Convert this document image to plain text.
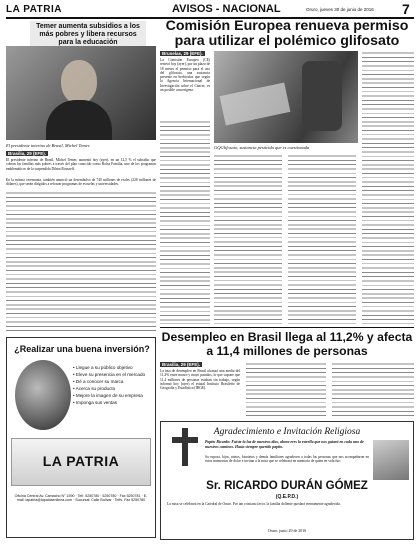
LA PATRIA	AVISOS - NACIONAL	Oruro, jueves 30 de junio de 2016 7
Temer aumenta subsidios a los más pobres y libera recursos para la educación
El presidente interino de Brasil, Michel Temer.
Brasilia, 29 (EFE).
El presidente interino de Brasil, Michel Temer, aumentó hoy (ayer), en un 12,5 % el subsidio que cobran las familias más pobres a través del plan conocido como Bolsa Familia, uno de los programas emblemáticos de la suspendida Dilma Rousseff.
En la misma ceremonia, también anunció un desembolso de 740 millones de reales (228 millones de dólares), que serán dirigidos a reforzar programas de escuelas y universidades.
Comisión Europea renueva permiso para utilizar el polémico glifosato
Bruselas, 29 (EFE).
La Comisión Europea (CE) renovó hoy (ayer), por un plazo de 18 meses el permiso para el uso del glifosato, una sustancia presente en herbicidas que según la Agencia Internacional de Investigación sobre el Cáncer, es un posible cancerígeno.
GQGlifosato, sustancia pesticida que es cuestionada
Desempleo en Brasil llega al 11,2% y afecta a 11,4 millones de personas
Brasilia, 29 (EFE).
La tasa de desempleo en Brasil alcanzó una media del 11,2% entre marzo y mayo pasados, lo que supone que 11,4 millones de personas estaban sin trabajo, según informó hoy (ayer) el estatal Instituto Brasileño de Geografía y Estadística (IBGE).
¿Realizar una buena inversión?
• Llegue a su público objetivo
• Eleve su presencia en el mercado
• Dé a conocer su marca
• Acerca su producto
• Mejore la imagen de su empresa
• Imponga sus ventas
LA PATRIA
Oficina Central Av. Camacho N° 1590 · Telf. 5250780 · 5250780 · Fax 5250781 · E-mail: lapatria@lapatriaenlinea.com · Sucursal: Calle Bolívar · Telfs. Fax 5250780
Agradecimiento e Invitación Religiosa
Papito Ricardo: Fuiste la luz de nuestros días, ahora eres la estrella que nos guiará en cada uno de nuestros caminos. Hasta siempre querido papito.
Su esposa, hijos, nietos, bisnietos y demás familiares agradecen a todas las personas que nos acompañaron en estos momentos de dolor e invitan a la misa que se celebrará en memoria de quien en vida fue:
Sr. RICARDO DURÁN GÓMEZ
(Q.E.P.D.)
La misa se celebrará en la Catedral de Oruro. Por tan cristiano favor, la familia doliente quedará eternamente agradecida.
Oruro, junio 29 de 2016
